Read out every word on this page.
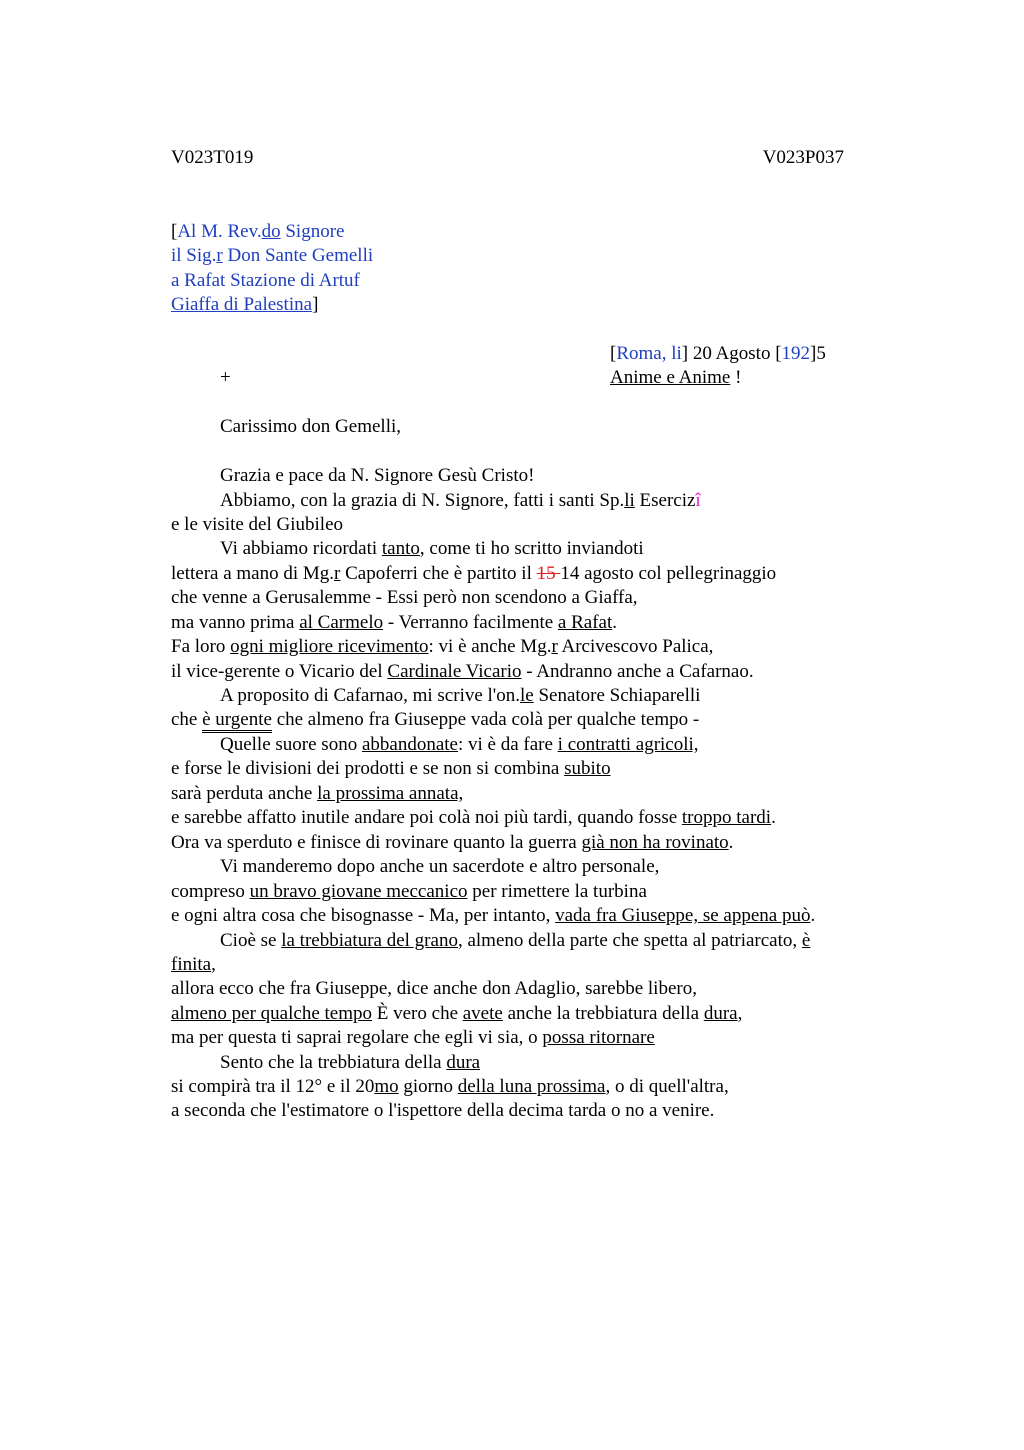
V023T019	V023P037
[Al M. Rev.do Signore
il Sig.r Don Sante Gemelli
a Rafat Stazione di Artuf
Giaffa di Palestina]
[Roma, li] 20 Agosto [192]5
+	Anime e Anime !
Carissimo don Gemelli,
Grazia e pace da N. Signore Gesù Cristo!
Abbiamo, con la grazia di N. Signore, fatti i santi Sp.li Esercizî
e le visite del Giubileo
Vi abbiamo ricordati tanto, come ti ho scritto inviandoti
lettera a mano di Mg.r Capoferri che è partito il 15 14 agosto col pellegrinaggio
che venne a Gerusalemme - Essi però non scendono a Giaffa,
ma vanno prima al Carmelo - Verranno facilmente a Rafat.
Fa loro ogni migliore ricevimento: vi è anche Mg.r Arcivescovo Palica,
il vice-gerente o Vicario del Cardinale Vicario - Andranno anche a Cafarnao.
A proposito di Cafarnao, mi scrive l'on.le Senatore Schiaparelli
che è urgente che almeno fra Giuseppe vada colà per qualche tempo -
Quelle suore sono abbandonate: vi è da fare i contratti agricoli,
e forse le divisioni dei prodotti e se non si combina subito
sarà perduta anche la prossima annata,
e sarebbe affatto inutile andare poi colà noi più tardi, quando fosse troppo tardi.
Ora va sperduto e finisce di rovinare quanto la guerra già non ha rovinato.
Vi manderemo dopo anche un sacerdote e altro personale,
compreso un bravo giovane meccanico per rimettere la turbina
e ogni altra cosa che bisognasse - Ma, per intanto, vada fra Giuseppe, se appena può.
Cioè se la trebbiatura del grano, almeno della parte che spetta al patriarcato, è
finita,
allora ecco che fra Giuseppe, dice anche don Adaglio, sarebbe libero,
almeno per qualche tempo È vero che avete anche la trebbiatura della dura,
ma per questa ti saprai regolare che egli vi sia, o possa ritornare
Sento che la trebbiatura della dura
si compirà tra il 12° e il 20mo giorno della luna prossima, o di quell'altra,
a seconda che l'estimatore o l'ispettore della decima tarda o no a venire.
